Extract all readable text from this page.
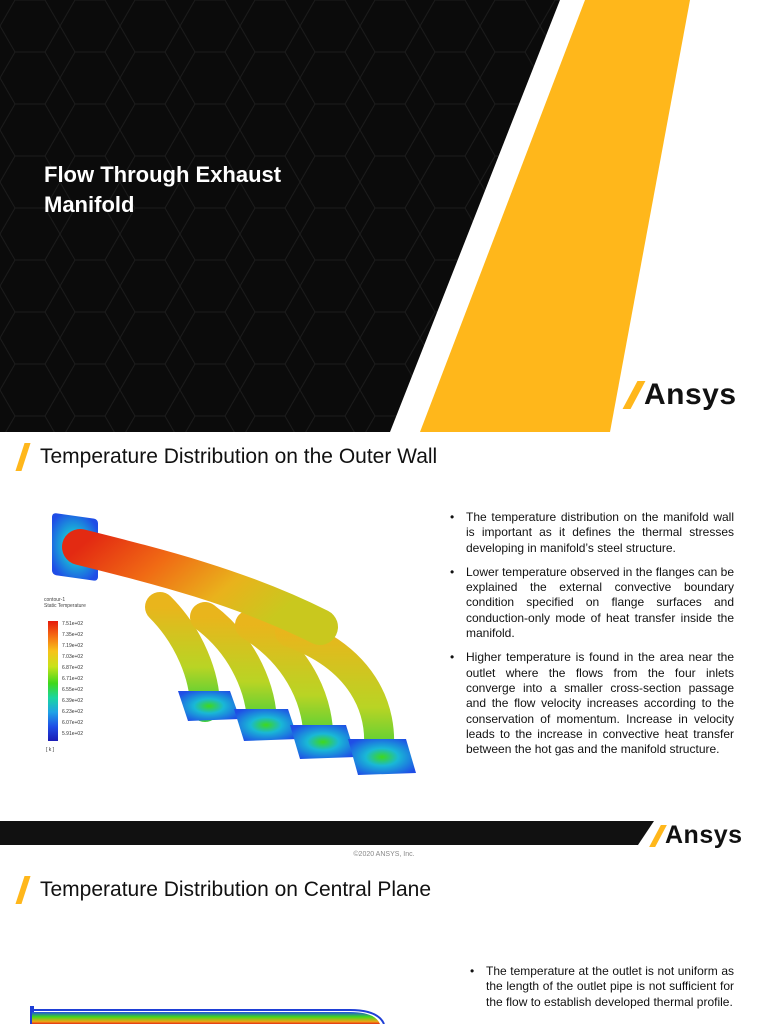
Flow Through Exhaust
Manifold
Ansys
Temperature Distribution on the Outer Wall
contour-1
Static Temperature
7.51e+02
7.35e+02
7.19e+02
7.03e+02
6.87e+02
6.71e+02
6.55e+02
6.39e+02
6.23e+02
6.07e+02
5.91e+02
[ k ]
• The temperature distribution on the manifold wall is important as it defines the thermal stresses developing in manifold’s steel structure.
• Lower temperature observed in the flanges can be explained the external convective boundary condition specified on flange surfaces and conduction-only mode of heat transfer inside the manifold.
• Higher temperature is found in the area near the outlet where the flows from the four inlets converge into a smaller cross-section passage and the flow velocity increases according to the conservation of momentum. Increase in velocity leads to the increase in convective heat transfer between the hot gas and the manifold structure.
Ansys
©2020 ANSYS, Inc.
Temperature Distribution on Central Plane
• The temperature at the outlet is not uniform as the length of the outlet pipe is not sufficient for the flow to establish developed thermal profile.
